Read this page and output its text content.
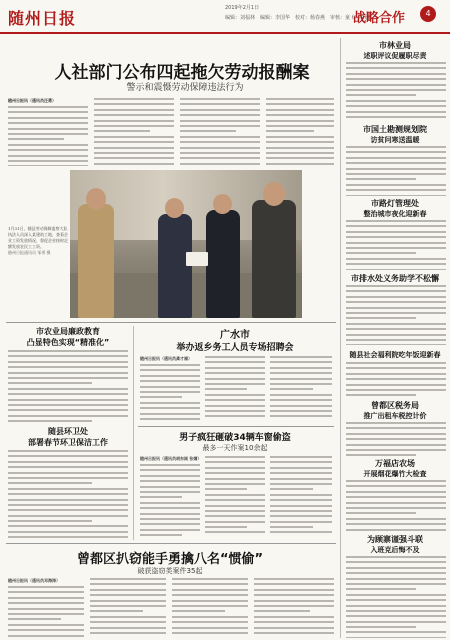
随州日报
2019年2月1日
编辑：刘福林　编辑：李国华　校对：杨春燕　审核：童 红 终 红
战略合作	4
人社部门公布四起拖欠劳动报酬案
警示和震慑劳动保障违法行为
随州日报讯（通讯员汪勇）
1月31日，随县劳动保障监察大队执法人员深入某建筑工地，查看企业工资发放情况，督促企业按时足额发放农民工工资。
随州日报通讯员 邹勇 摄
市农业局廉政教育
凸显特色实现“精准化”
随县环卫处
部署春节环卫保洁工作
广水市
举办返乡务工人员专场招聘会
随州日报讯（通讯员龚才福）
男子疯狂砸破34辆车窗偷盗
最多一天作案10余起
随州日报讯（通讯员胡东刚 张婧）
曾都区扒窃能手勇擒八名“惯偷”
破获盗窃类案件35起
随州日报讯（通讯员邓海涛）
市林业局
述职评议促履职尽责
市国土勘测规划院
访贫问寒送温暖
市路灯管理处
整治城市夜化迎新春
市排水处义务助学不松懈
随县社会福利院吃年饭迎新春
曾都区税务局
推广出租车税控计价
万福店农场
开展烟花爆竹大检查
为顾寨谨强斗联
入班克后悔不及
